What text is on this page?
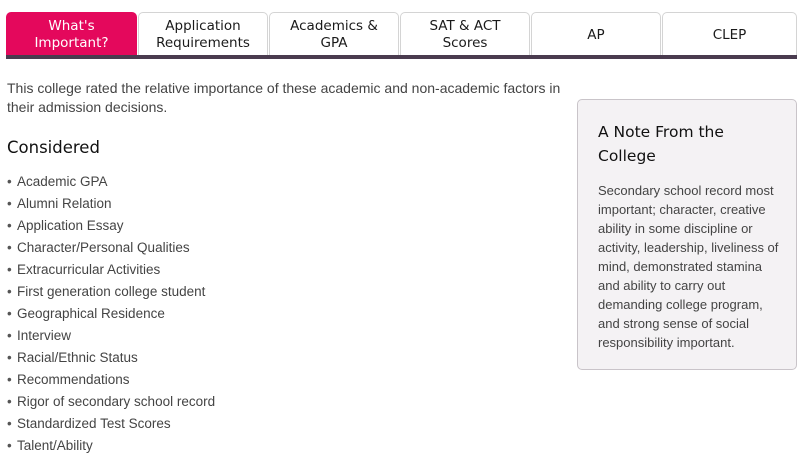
What's
Important?
Application
Requirements
Academics &
GPA
SAT & ACT
Scores
AP	CLEP

This college rated the relative importance of these academic and non-academic factors in their admission decisions.

Considered
• Academic GPA
• Alumni Relation
• Application Essay
• Character/Personal Qualities
• Extracurricular Activities
• First generation college student
• Geographical Residence
• Interview
• Racial/Ethnic Status
• Recommendations
• Rigor of secondary school record
• Standardized Test Scores
• Talent/Ability
A Note From the College

Secondary school record most important; character, creative ability in some discipline or activity, leadership, liveliness of mind, demonstrated stamina and ability to carry out demanding college program, and strong sense of social responsibility important.
